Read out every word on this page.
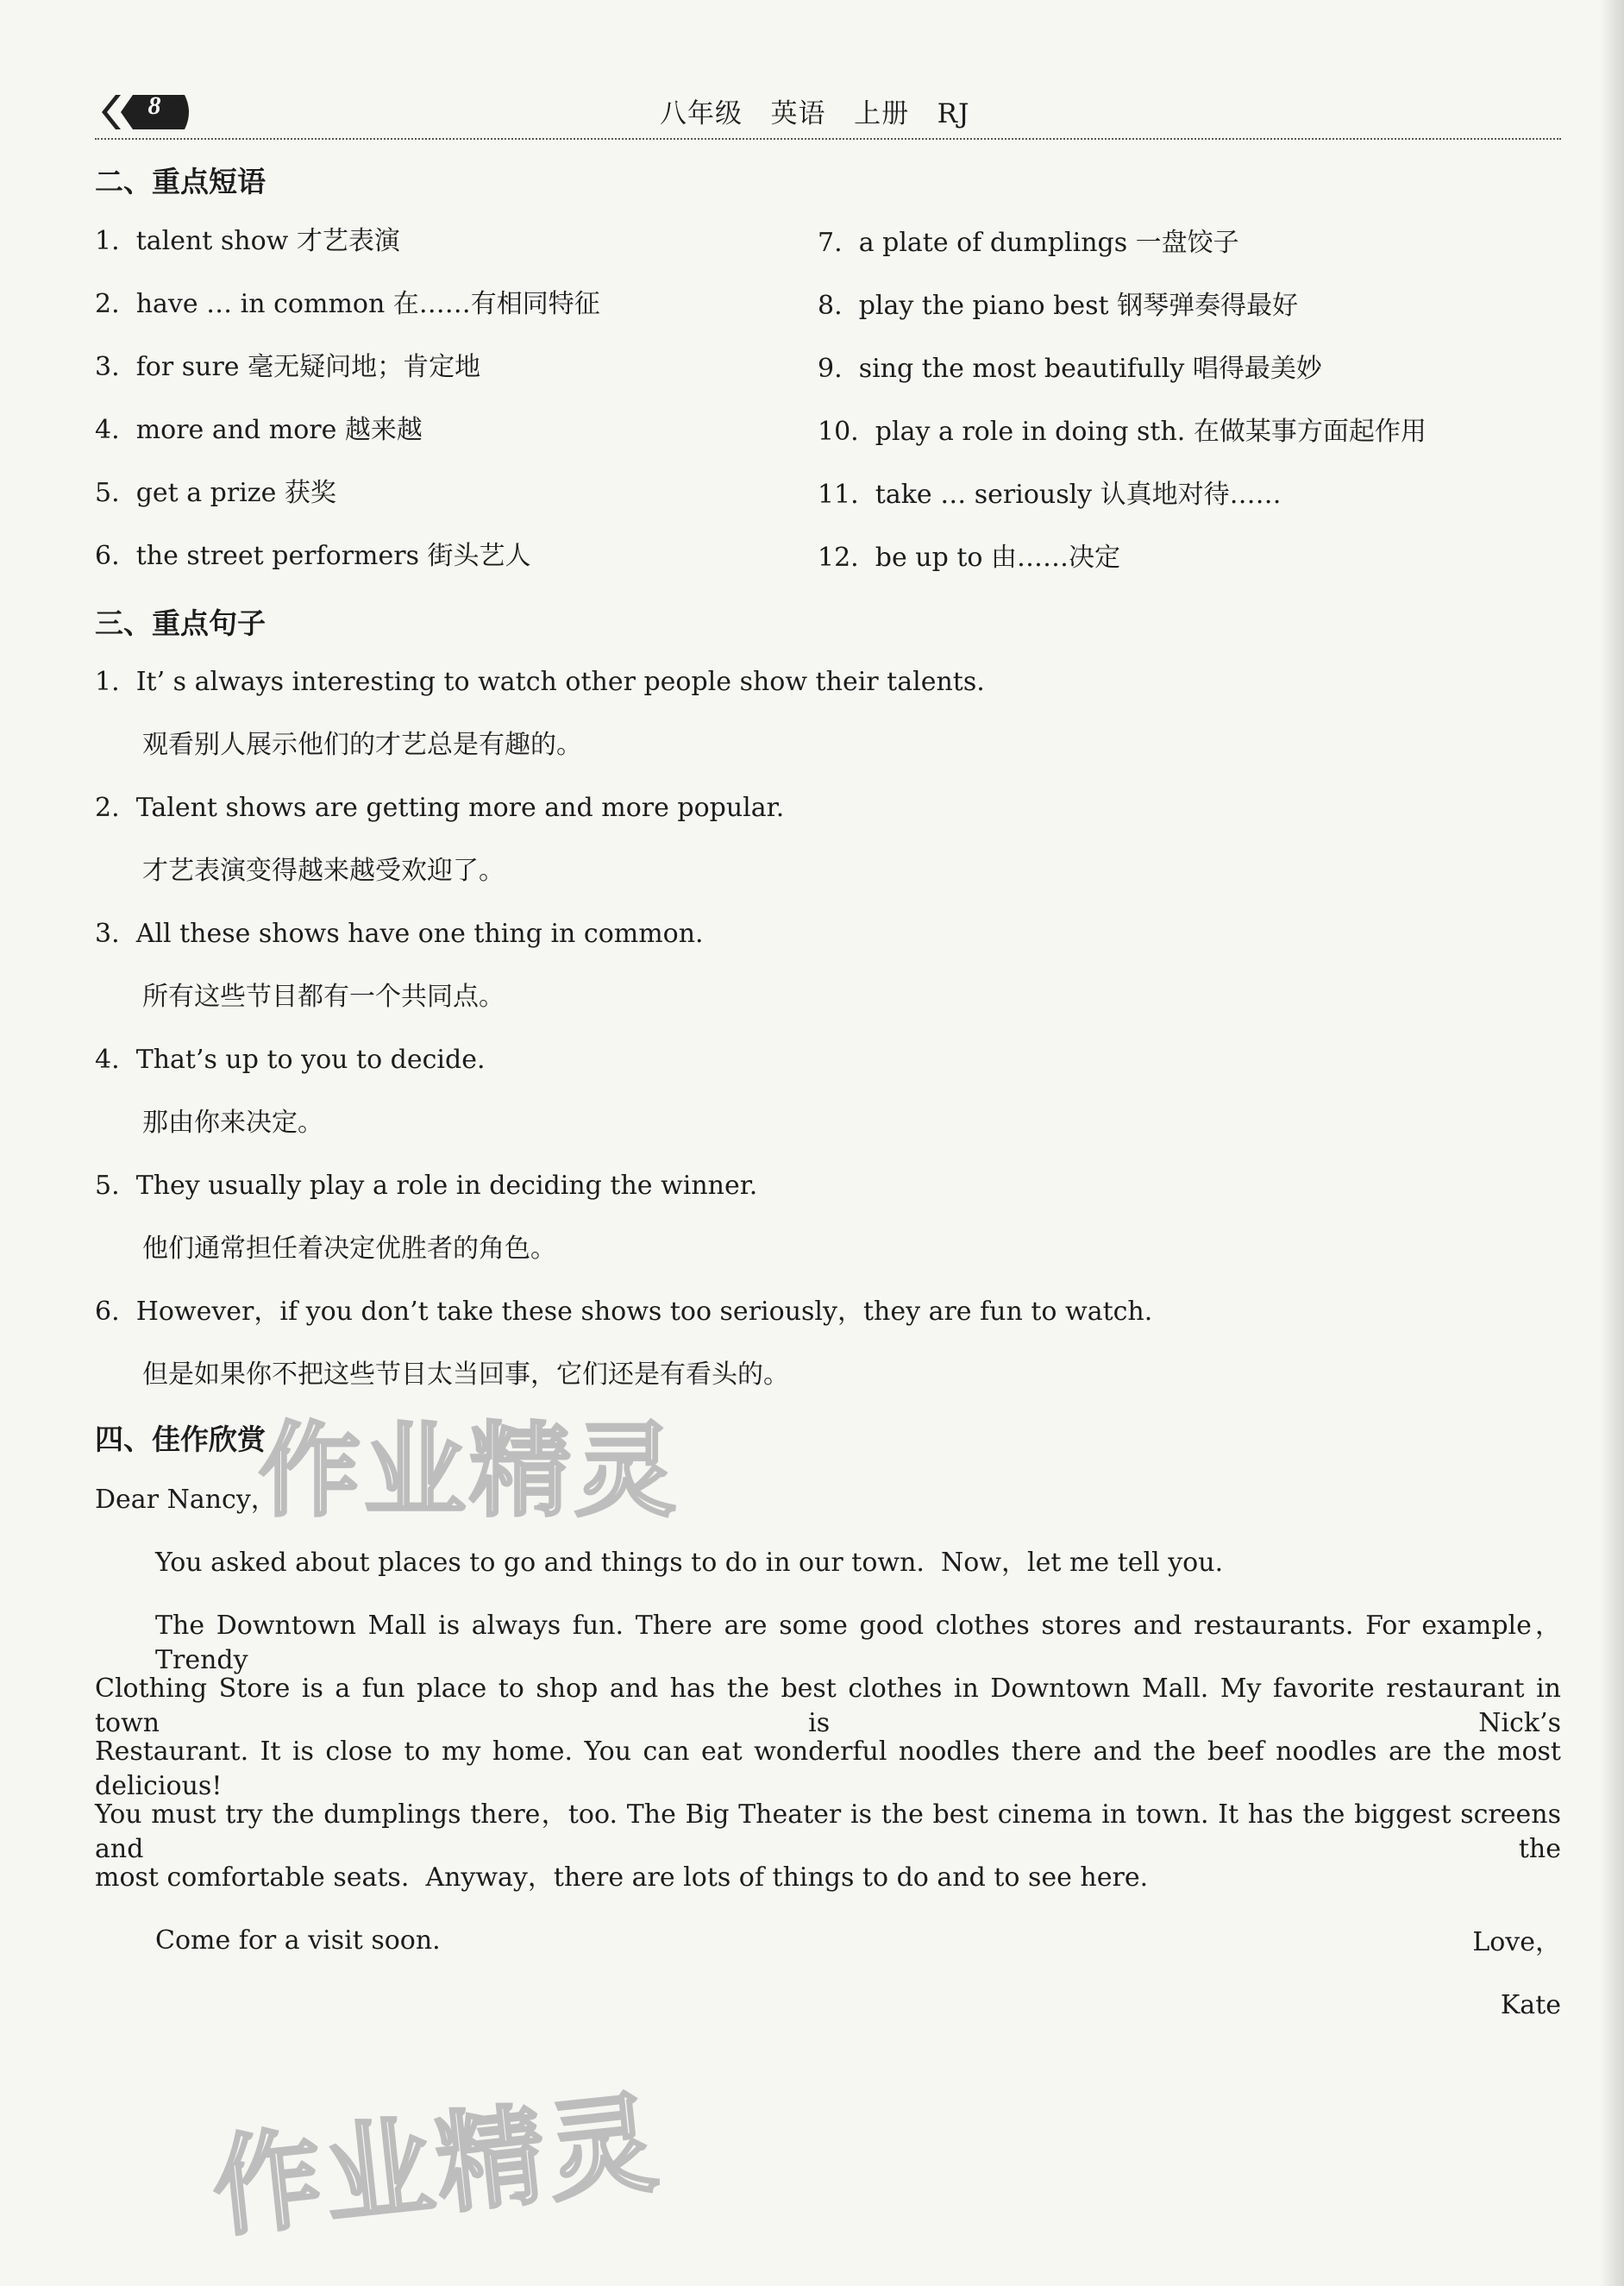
8	八年级   英语   上册   RJ
二、重点短语
1.  talent show 才艺表演
2.  have … in common 在……有相同特征
3.  for sure 毫无疑问地；肯定地
4.  more and more 越来越
5.  get a prize 获奖
6.  the street performers 街头艺人
7.  a plate of dumplings 一盘饺子
8.  play the piano best 钢琴弹奏得最好
9.  sing the most beautifully 唱得最美妙
10.  play a role in doing sth. 在做某事方面起作用
11.  take … seriously 认真地对待……
12.  be up to 由……决定
三、重点句子
1.  It’ s always interesting to watch other people show their talents.
观看别人展示他们的才艺总是有趣的。
2.  Talent shows are getting more and more popular.
才艺表演变得越来越受欢迎了。
3.  All these shows have one thing in common.
所有这些节目都有一个共同点。
4.  That’s up to you to decide.
那由你来决定。
5.  They usually play a role in deciding the winner.
他们通常担任着决定优胜者的角色。
6.  However，if you don’t take these shows too seriously，they are fun to watch.
但是如果你不把这些节目太当回事，它们还是有看头的。
四、佳作欣赏
Dear Nancy，
You asked about places to go and things to do in our town.  Now，let me tell you.
The Downtown Mall is always fun. There are some good clothes stores and restaurants. For example，Trendy
Clothing Store is a fun place to shop and has the best clothes in Downtown Mall. My favorite restaurant in town is Nick’s
Restaurant. It is close to my home. You can eat wonderful noodles there and the beef noodles are the most delicious!
You must try the dumplings there，too. The Big Theater is the best cinema in town. It has the biggest screens and the
most comfortable seats.  Anyway，there are lots of things to do and to see here.
Come for a visit soon.	Love，
Kate
作业精灵
作业精灵
